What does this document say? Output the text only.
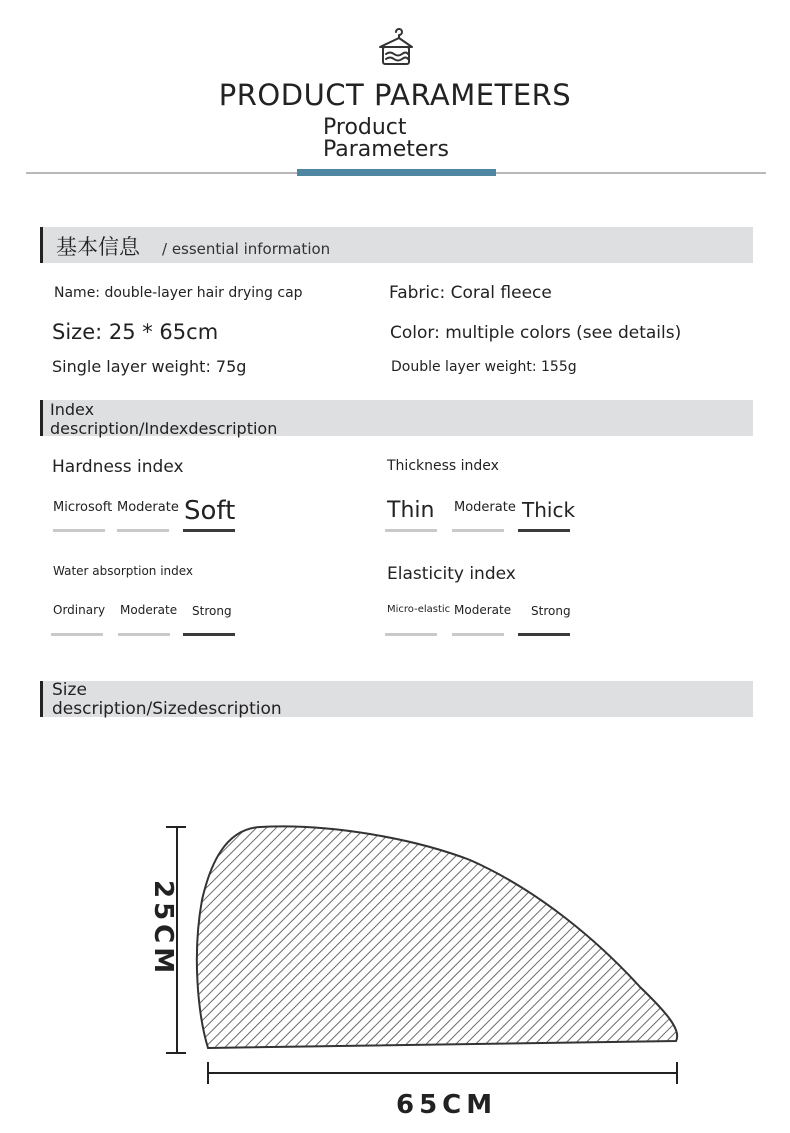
PRODUCT PARAMETERS
Product
Parameters
基本信息 / essential information
Name: double-layer hair drying cap	Fabric: Coral fleece
Size: 25 * 65cm	Color: multiple colors (see details)
Single layer weight: 75g	Double layer weight: 155g
Index
description/Indexdescription
Hardness index
Microsoft Moderate Soft
Thickness index
Thin Moderate Thick
Water absorption index
Ordinary Moderate Strong
Elasticity index
Micro-elastic Moderate Strong
Size
description/Sizedescription
25CM
65CM
